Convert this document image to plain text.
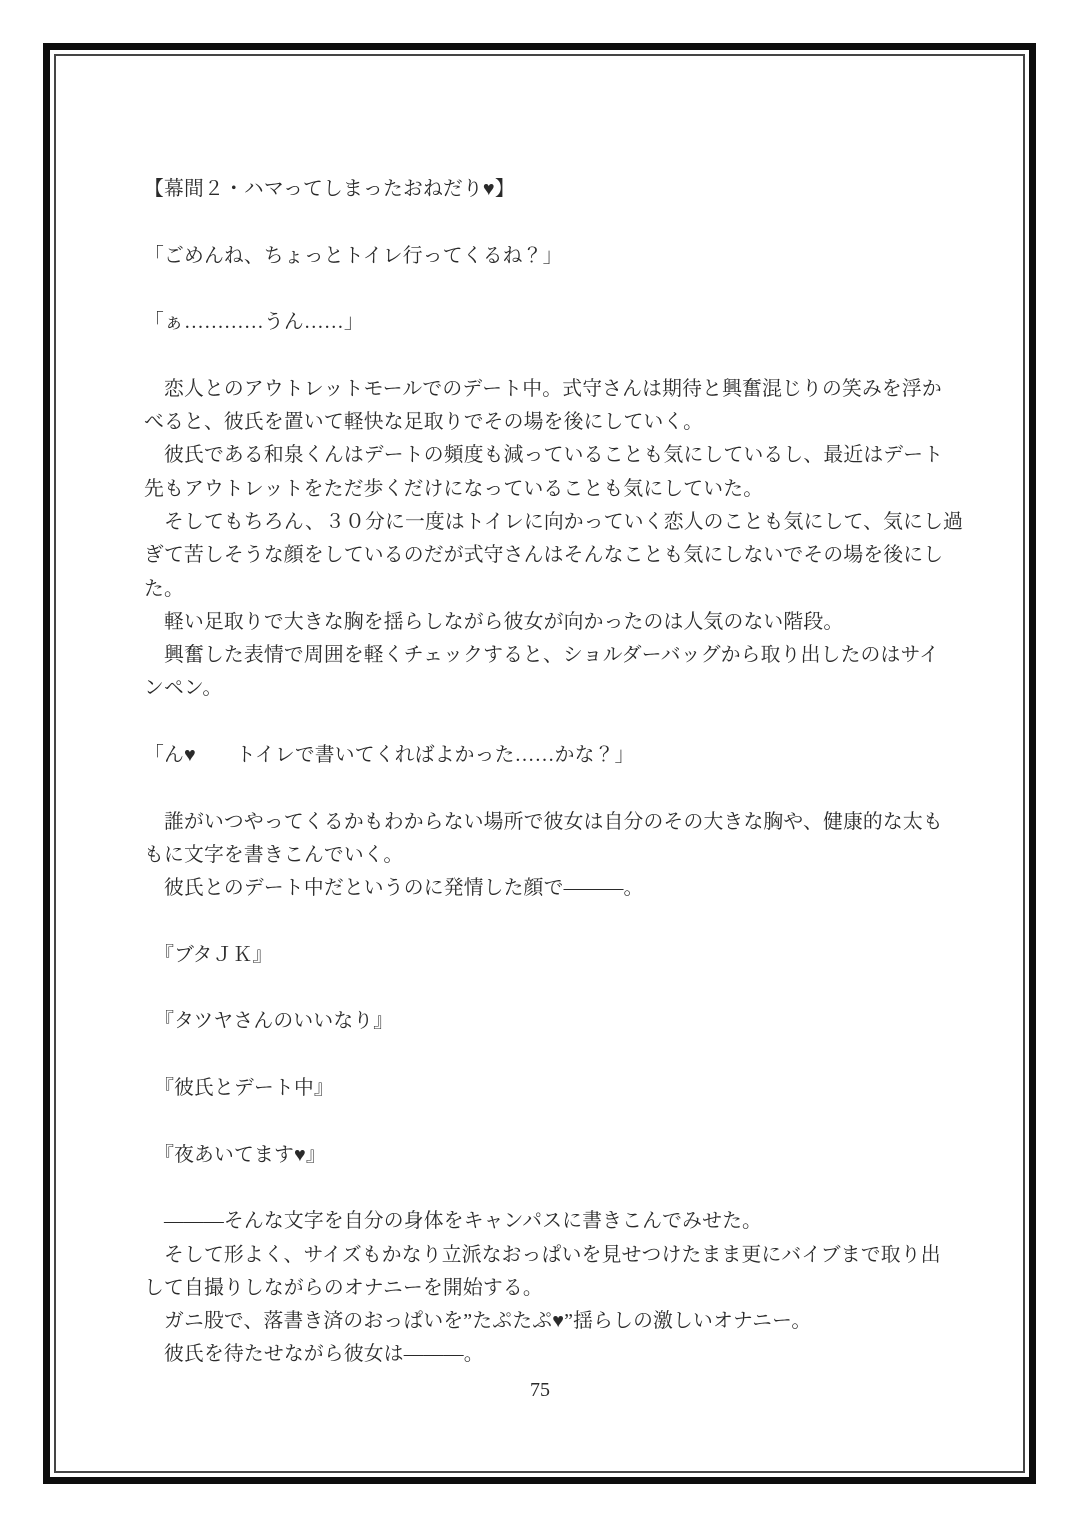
【幕間２・ハマってしまったおねだり♥】

「ごめんね、ちょっとトイレ行ってくるね？」

「ぁ…………うん……」

　恋人とのアウトレットモールでのデート中。式守さんは期待と興奮混じりの笑みを浮か
べると、彼氏を置いて軽快な足取りでその場を後にしていく。
　彼氏である和泉くんはデートの頻度も減っていることも気にしているし、最近はデート
先もアウトレットをただ歩くだけになっていることも気にしていた。
　そしてもちろん、３０分に一度はトイレに向かっていく恋人のことも気にして、気にし過
ぎて苦しそうな顔をしているのだが式守さんはそんなことも気にしないでその場を後にし
た。
　軽い足取りで大きな胸を揺らしながら彼女が向かったのは人気のない階段。
　興奮した表情で周囲を軽くチェックすると、ショルダーバッグから取り出したのはサイ
ンペン。

「ん♥　　トイレで書いてくればよかった……かな？」

　誰がいつやってくるかもわからない場所で彼女は自分のその大きな胸や、健康的な太も
もに文字を書きこんでいく。
　彼氏とのデート中だというのに発情した顔で―――。

　『ブタＪＫ』

　『タツヤさんのいいなり』

　『彼氏とデート中』

　『夜あいてます♥』

　―――そんな文字を自分の身体をキャンパスに書きこんでみせた。
　そして形よく、サイズもかなり立派なおっぱいを見せつけたまま更にバイブまで取り出
して自撮りしながらのオナニーを開始する。
　ガニ股で、落書き済のおっぱいを”たぷたぷ♥”揺らしの激しいオナニー。
　彼氏を待たせながら彼女は―――。
75
